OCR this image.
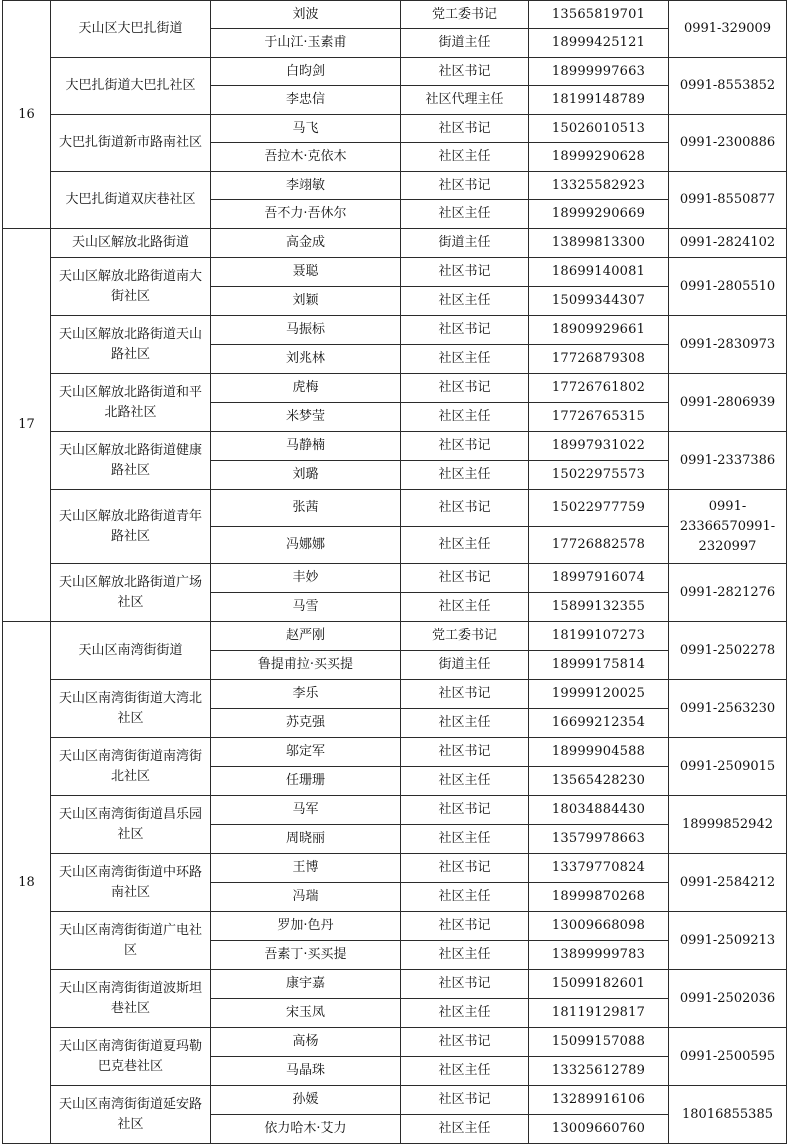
16	天山区大巴扎街道	刘波	党工委书记	13565819701	0991-329009
		于山江·玉素甫	街道主任	18999425121	
	大巴扎街道大巴扎社区	白昀剑	社区书记	18999997663	0991-8553852
		李忠信	社区代理主任	18199148789	
	大巴扎街道新市路南社区	马飞	社区书记	15026010513	0991-2300886
		吾拉木·克依木	社区主任	18999290628	
	大巴扎街道双庆巷社区	李翊敏	社区书记	13325582923	0991-8550877
		吾不力·吾休尔	社区主任	18999290669	
17	天山区解放北路街道	高金成	街道主任	13899813300	0991-2824102
	天山区解放北路街道南大街社区	聂聪	社区书记	18699140081	0991-2805510
		刘颖	社区主任	15099344307	
	天山区解放北路街道天山路社区	马振标	社区书记	18909929661	0991-2830973
		刘兆林	社区主任	17726879308	
	天山区解放北路街道和平北路社区	虎梅	社区书记	17726761802	0991-2806939
		米梦莹	社区主任	17726765315	
	天山区解放北路街道健康路社区	马静楠	社区书记	18997931022	0991-2337386
		刘璐	社区主任	15022975573	
	天山区解放北路街道青年路社区	张茜	社区书记	15022977759	0991-23366570991-2320997
		冯娜娜	社区主任	17726882578	
	天山区解放北路街道广场社区	丰妙	社区书记	18997916074	0991-2821276
		马雪	社区主任	15899132355	
18	天山区南湾街街道	赵严刚	党工委书记	18199107273	0991-2502278
		鲁提甫拉·买买提	街道主任	18999175814	
	天山区南湾街街道大湾北社区	李乐	社区书记	19999120025	0991-2563230
		苏克强	社区主任	16699212354	
	天山区南湾街街道南湾街北社区	邬定军	社区书记	18999904588	0991-2509015
		任珊珊	社区主任	13565428230	
	天山区南湾街街道昌乐园社区	马军	社区书记	18034884430	18999852942
		周晓丽	社区主任	13579978663	
	天山区南湾街街道中环路南社区	王博	社区书记	13379770824	0991-2584212
		冯瑞	社区主任	18999870268	
	天山区南湾街街道广电社区	罗加·色丹	社区书记	13009668098	0991-2509213
		吾素丁·买买提	社区主任	13899999783	
	天山区南湾街街道波斯坦巷社区	康宇嘉	社区书记	15099182601	0991-2502036
		宋玉凤	社区主任	18119129817	
	天山区南湾街街道夏玛勒巴克巷社区	高杨	社区书记	15099157088	0991-2500595
		马晶珠	社区主任	13325612789	
	天山区南湾街街道延安路社区	孙媛	社区书记	13289916106	18016855385
		依力哈木·艾力	社区主任	13009660760	
